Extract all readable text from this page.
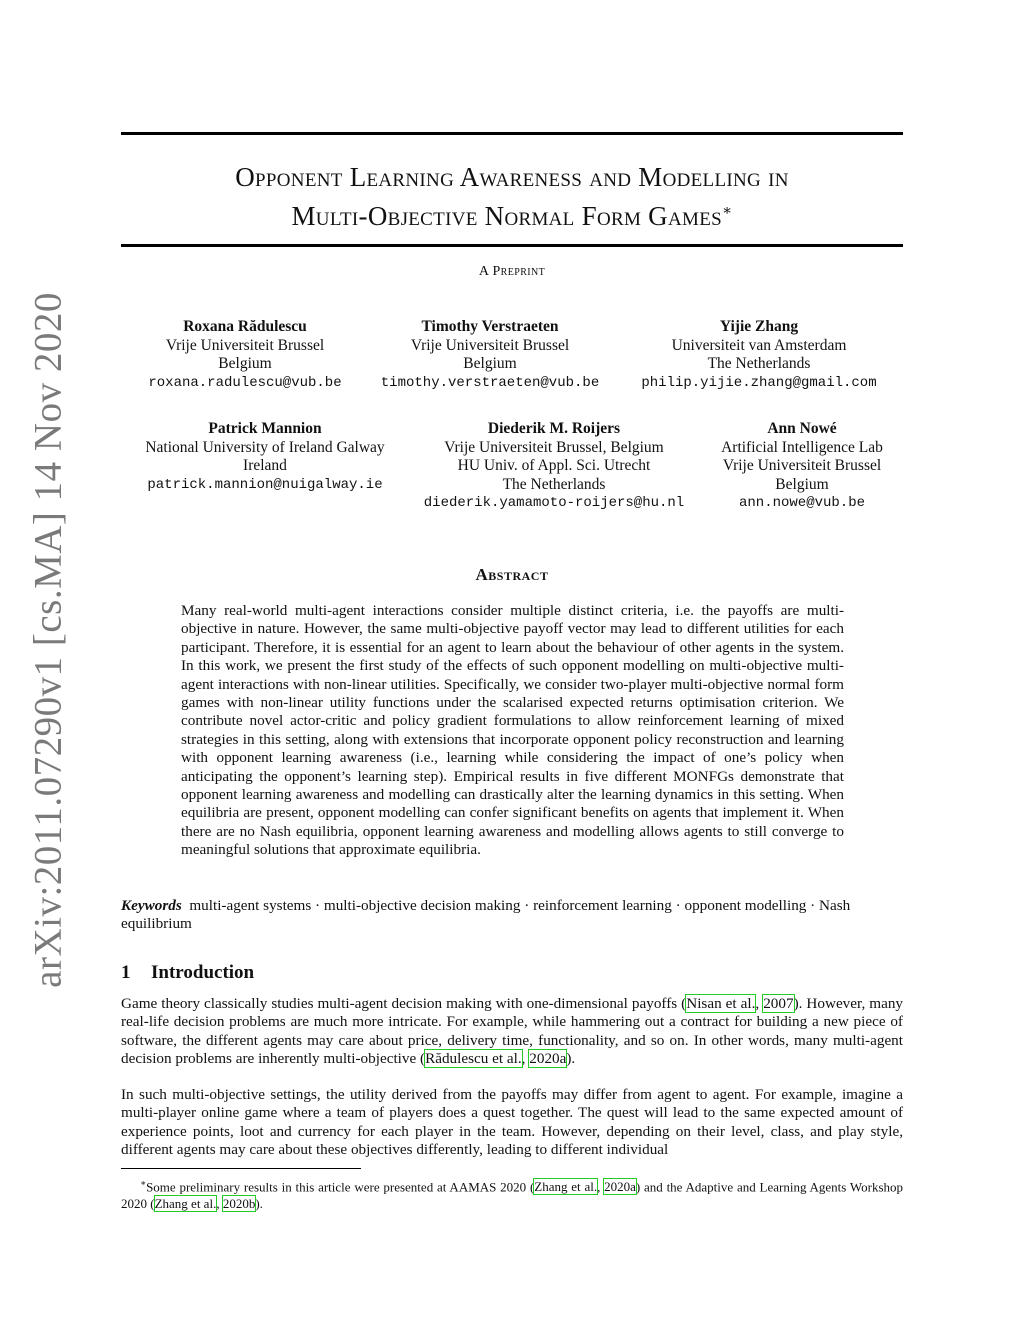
arXiv:2011.07290v1 [cs.MA] 14 Nov 2020
Opponent Learning Awareness and Modelling in
Multi-Objective Normal Form Games∗
A Preprint
Roxana Rădulescu
Vrije Universiteit Brussel
Belgium
roxana.radulescu@vub.be
Timothy Verstraeten
Vrije Universiteit Brussel
Belgium
timothy.verstraeten@vub.be
Yijie Zhang
Universiteit van Amsterdam
The Netherlands
philip.yijie.zhang@gmail.com
Patrick Mannion
National University of Ireland Galway
Ireland
patrick.mannion@nuigalway.ie
Diederik M. Roijers
Vrije Universiteit Brussel, Belgium
HU Univ. of Appl. Sci. Utrecht
The Netherlands
diederik.yamamoto-roijers@hu.nl
Ann Nowé
Artificial Intelligence Lab
Vrije Universiteit Brussel
Belgium
ann.nowe@vub.be
Abstract
Many real-world multi-agent interactions consider multiple distinct criteria, i.e. the payoffs are multi-objective in nature. However, the same multi-objective payoff vector may lead to different utilities for each participant. Therefore, it is essential for an agent to learn about the behaviour of other agents in the system. In this work, we present the first study of the effects of such opponent modelling on multi-objective multi-agent interactions with non-linear utilities. Specifically, we consider two-player multi-objective normal form games with non-linear utility functions under the scalarised expected returns optimisation criterion. We contribute novel actor-critic and policy gradient formulations to allow reinforcement learning of mixed strategies in this setting, along with extensions that incorporate opponent policy reconstruction and learning with opponent learning awareness (i.e., learning while considering the impact of one’s policy when anticipating the opponent’s learning step). Empirical results in five different MONFGs demonstrate that opponent learning awareness and modelling can drastically alter the learning dynamics in this setting. When equilibria are present, opponent modelling can confer significant benefits on agents that implement it. When there are no Nash equilibria, opponent learning awareness and modelling allows agents to still converge to meaningful solutions that approximate equilibria.
Keywords multi-agent systems · multi-objective decision making · reinforcement learning · opponent modelling · Nash equilibrium
1 Introduction
Game theory classically studies multi-agent decision making with one-dimensional payoffs (Nisan et al., 2007). However, many real-life decision problems are much more intricate. For example, while hammering out a contract for building a new piece of software, the different agents may care about price, delivery time, functionality, and so on. In other words, many multi-agent decision problems are inherently multi-objective (Rădulescu et al., 2020a).
In such multi-objective settings, the utility derived from the payoffs may differ from agent to agent. For example, imagine a multi-player online game where a team of players does a quest together. The quest will lead to the same expected amount of experience points, loot and currency for each player in the team. However, depending on their level, class, and play style, different agents may care about these objectives differently, leading to different individual
∗Some preliminary results in this article were presented at AAMAS 2020 (Zhang et al., 2020a) and the Adaptive and Learning Agents Workshop 2020 (Zhang et al., 2020b).
